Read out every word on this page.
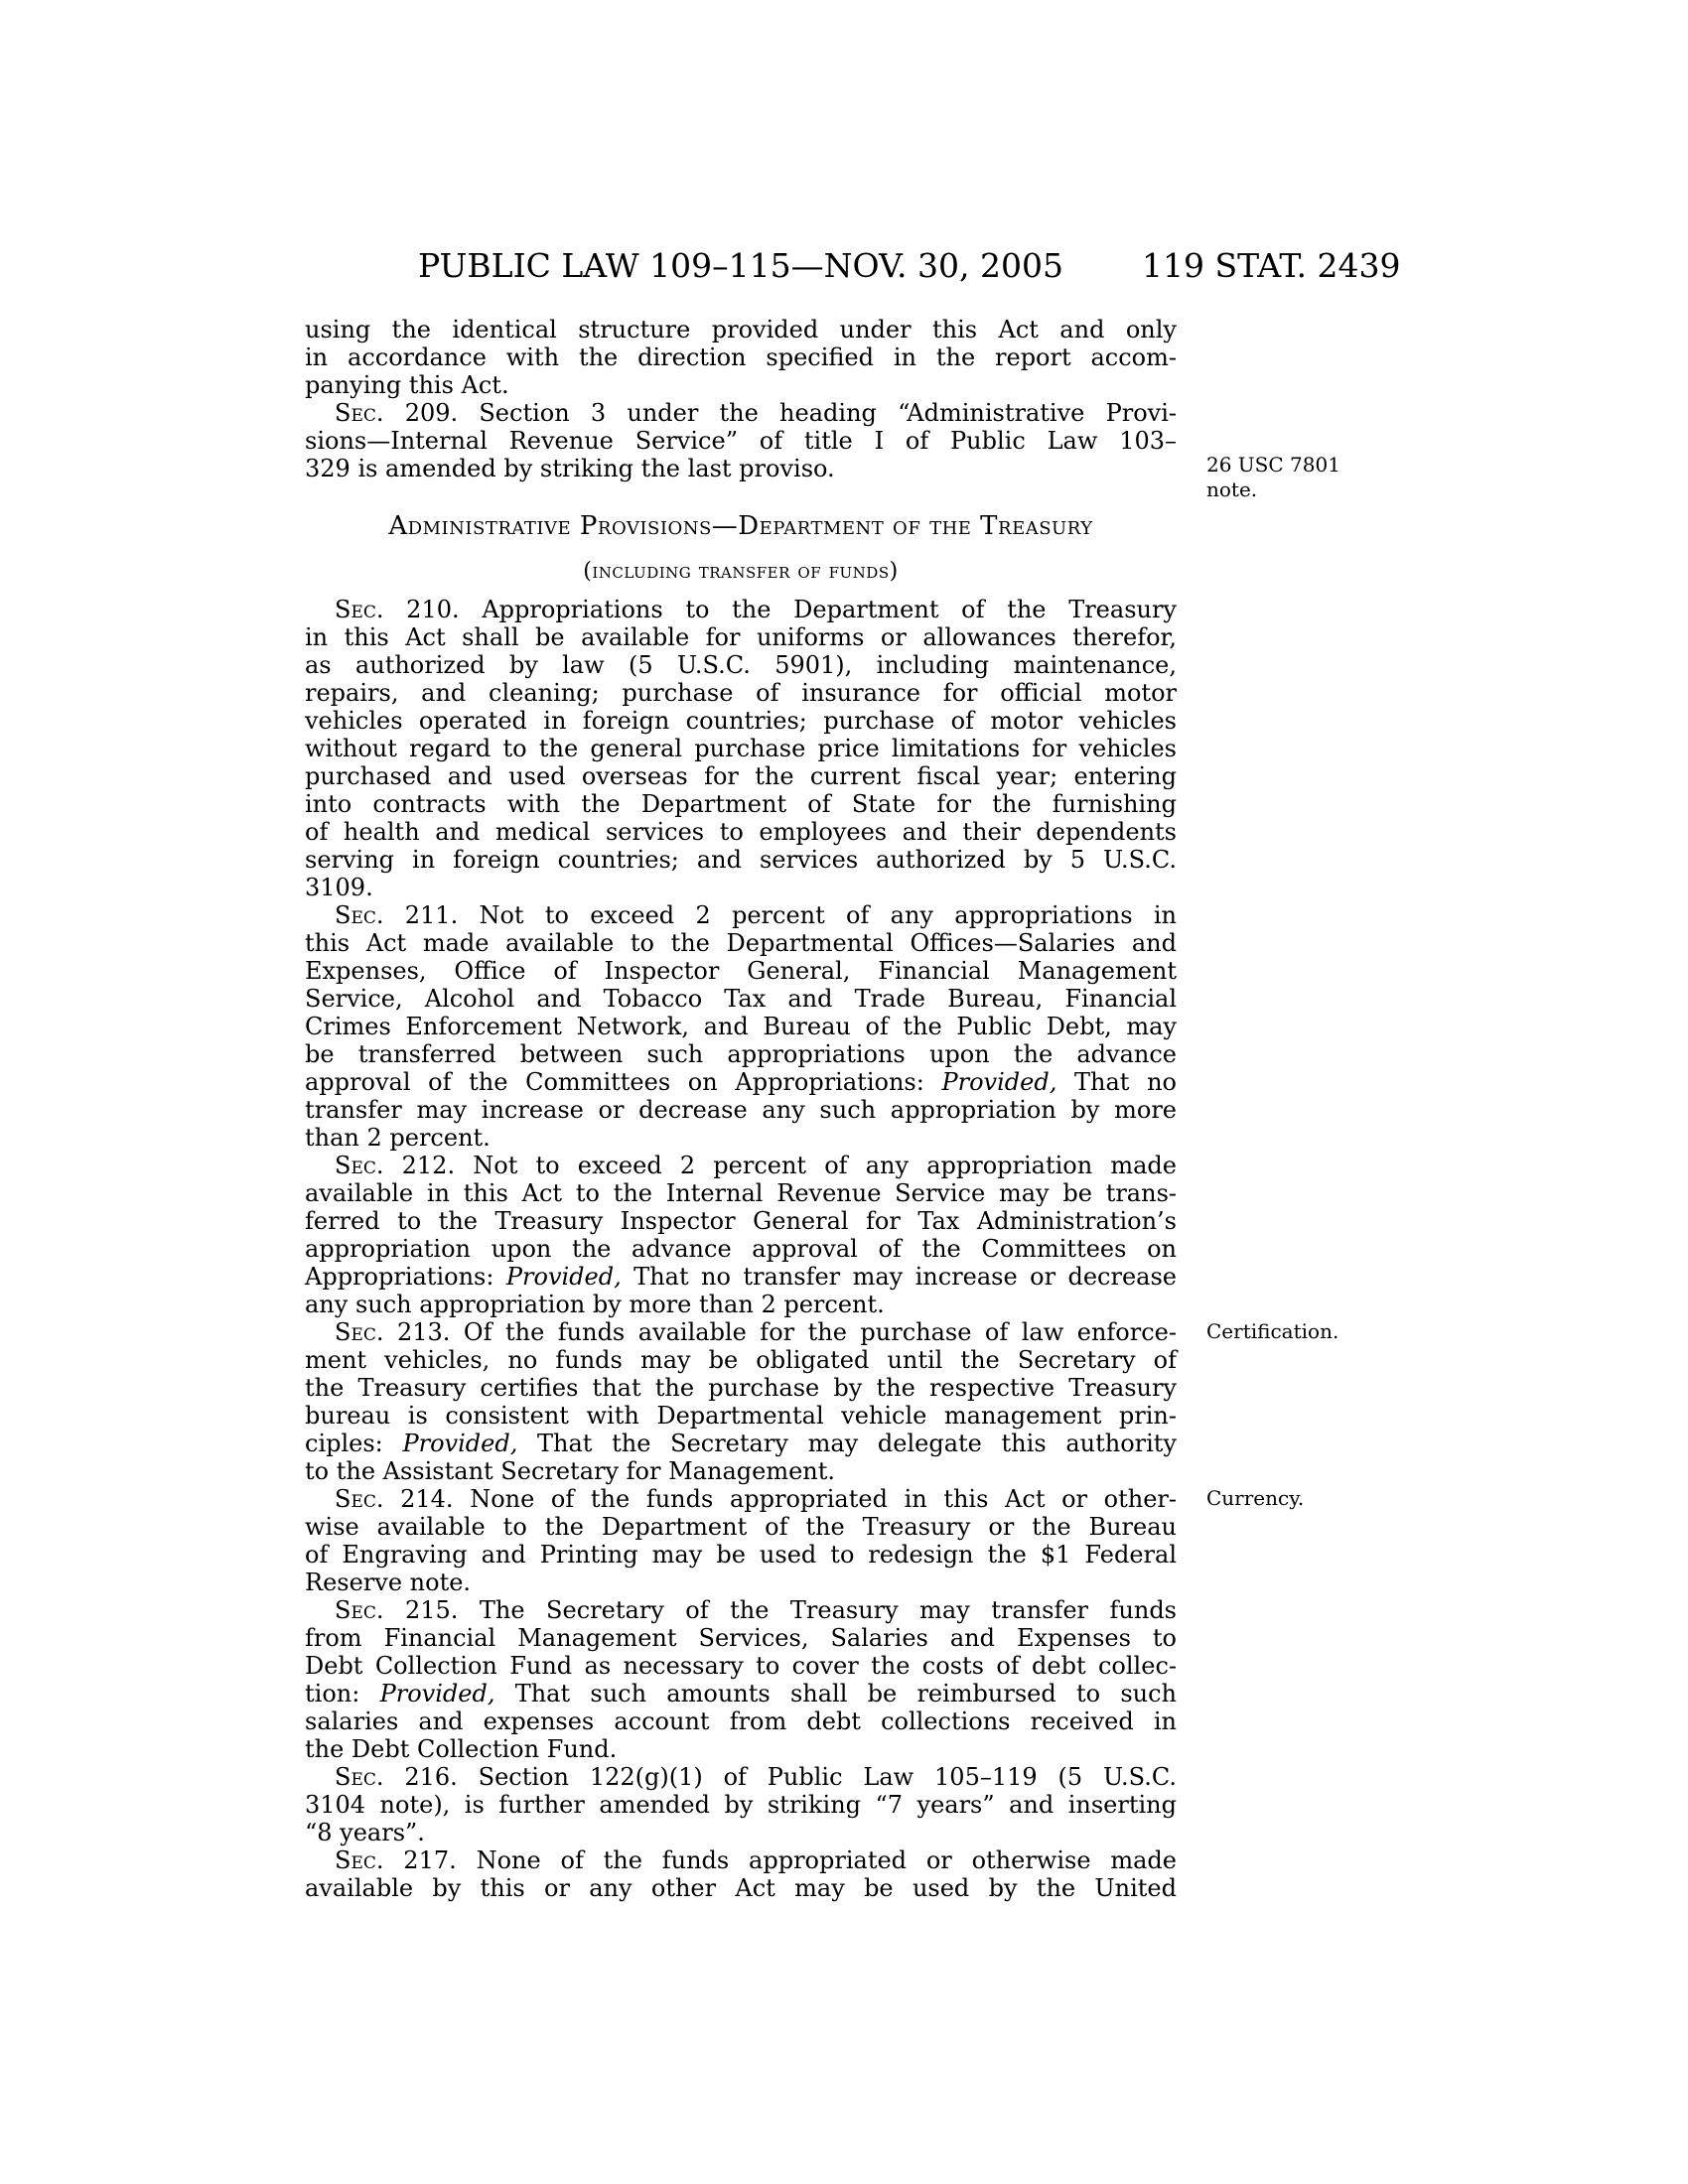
PUBLIC LAW 109–115—NOV. 30, 2005	119 STAT. 2439
using the identical structure provided under this Act and only
in accordance with the direction specified in the report accom-
panying this Act.
Sec. 209. Section 3 under the heading “Administrative Provi-
sions—Internal Revenue Service” of title I of Public Law 103–
329 is amended by striking the last proviso.
Administrative Provisions—Department of the Treasury
(including transfer of funds)
Sec. 210. Appropriations to the Department of the Treasury
in this Act shall be available for uniforms or allowances therefor,
as authorized by law (5 U.S.C. 5901), including maintenance,
repairs, and cleaning; purchase of insurance for official motor
vehicles operated in foreign countries; purchase of motor vehicles
without regard to the general purchase price limitations for vehicles
purchased and used overseas for the current fiscal year; entering
into contracts with the Department of State for the furnishing
of health and medical services to employees and their dependents
serving in foreign countries; and services authorized by 5 U.S.C.
3109.
Sec. 211. Not to exceed 2 percent of any appropriations in
this Act made available to the Departmental Offices—Salaries and
Expenses, Office of Inspector General, Financial Management
Service, Alcohol and Tobacco Tax and Trade Bureau, Financial
Crimes Enforcement Network, and Bureau of the Public Debt, may
be transferred between such appropriations upon the advance
approval of the Committees on Appropriations: Provided, That no
transfer may increase or decrease any such appropriation by more
than 2 percent.
Sec. 212. Not to exceed 2 percent of any appropriation made
available in this Act to the Internal Revenue Service may be trans-
ferred to the Treasury Inspector General for Tax Administration’s
appropriation upon the advance approval of the Committees on
Appropriations: Provided, That no transfer may increase or decrease
any such appropriation by more than 2 percent.
Sec. 213. Of the funds available for the purchase of law enforce-
ment vehicles, no funds may be obligated until the Secretary of
the Treasury certifies that the purchase by the respective Treasury
bureau is consistent with Departmental vehicle management prin-
ciples: Provided, That the Secretary may delegate this authority
to the Assistant Secretary for Management.
Sec. 214. None of the funds appropriated in this Act or other-
wise available to the Department of the Treasury or the Bureau
of Engraving and Printing may be used to redesign the $1 Federal
Reserve note.
Sec. 215. The Secretary of the Treasury may transfer funds
from Financial Management Services, Salaries and Expenses to
Debt Collection Fund as necessary to cover the costs of debt collec-
tion: Provided, That such amounts shall be reimbursed to such
salaries and expenses account from debt collections received in
the Debt Collection Fund.
Sec. 216. Section 122(g)(1) of Public Law 105–119 (5 U.S.C.
3104 note), is further amended by striking “7 years” and inserting
“8 years”.
Sec. 217. None of the funds appropriated or otherwise made
available by this or any other Act may be used by the United
26 USC 7801
note.
Certification.
Currency.
